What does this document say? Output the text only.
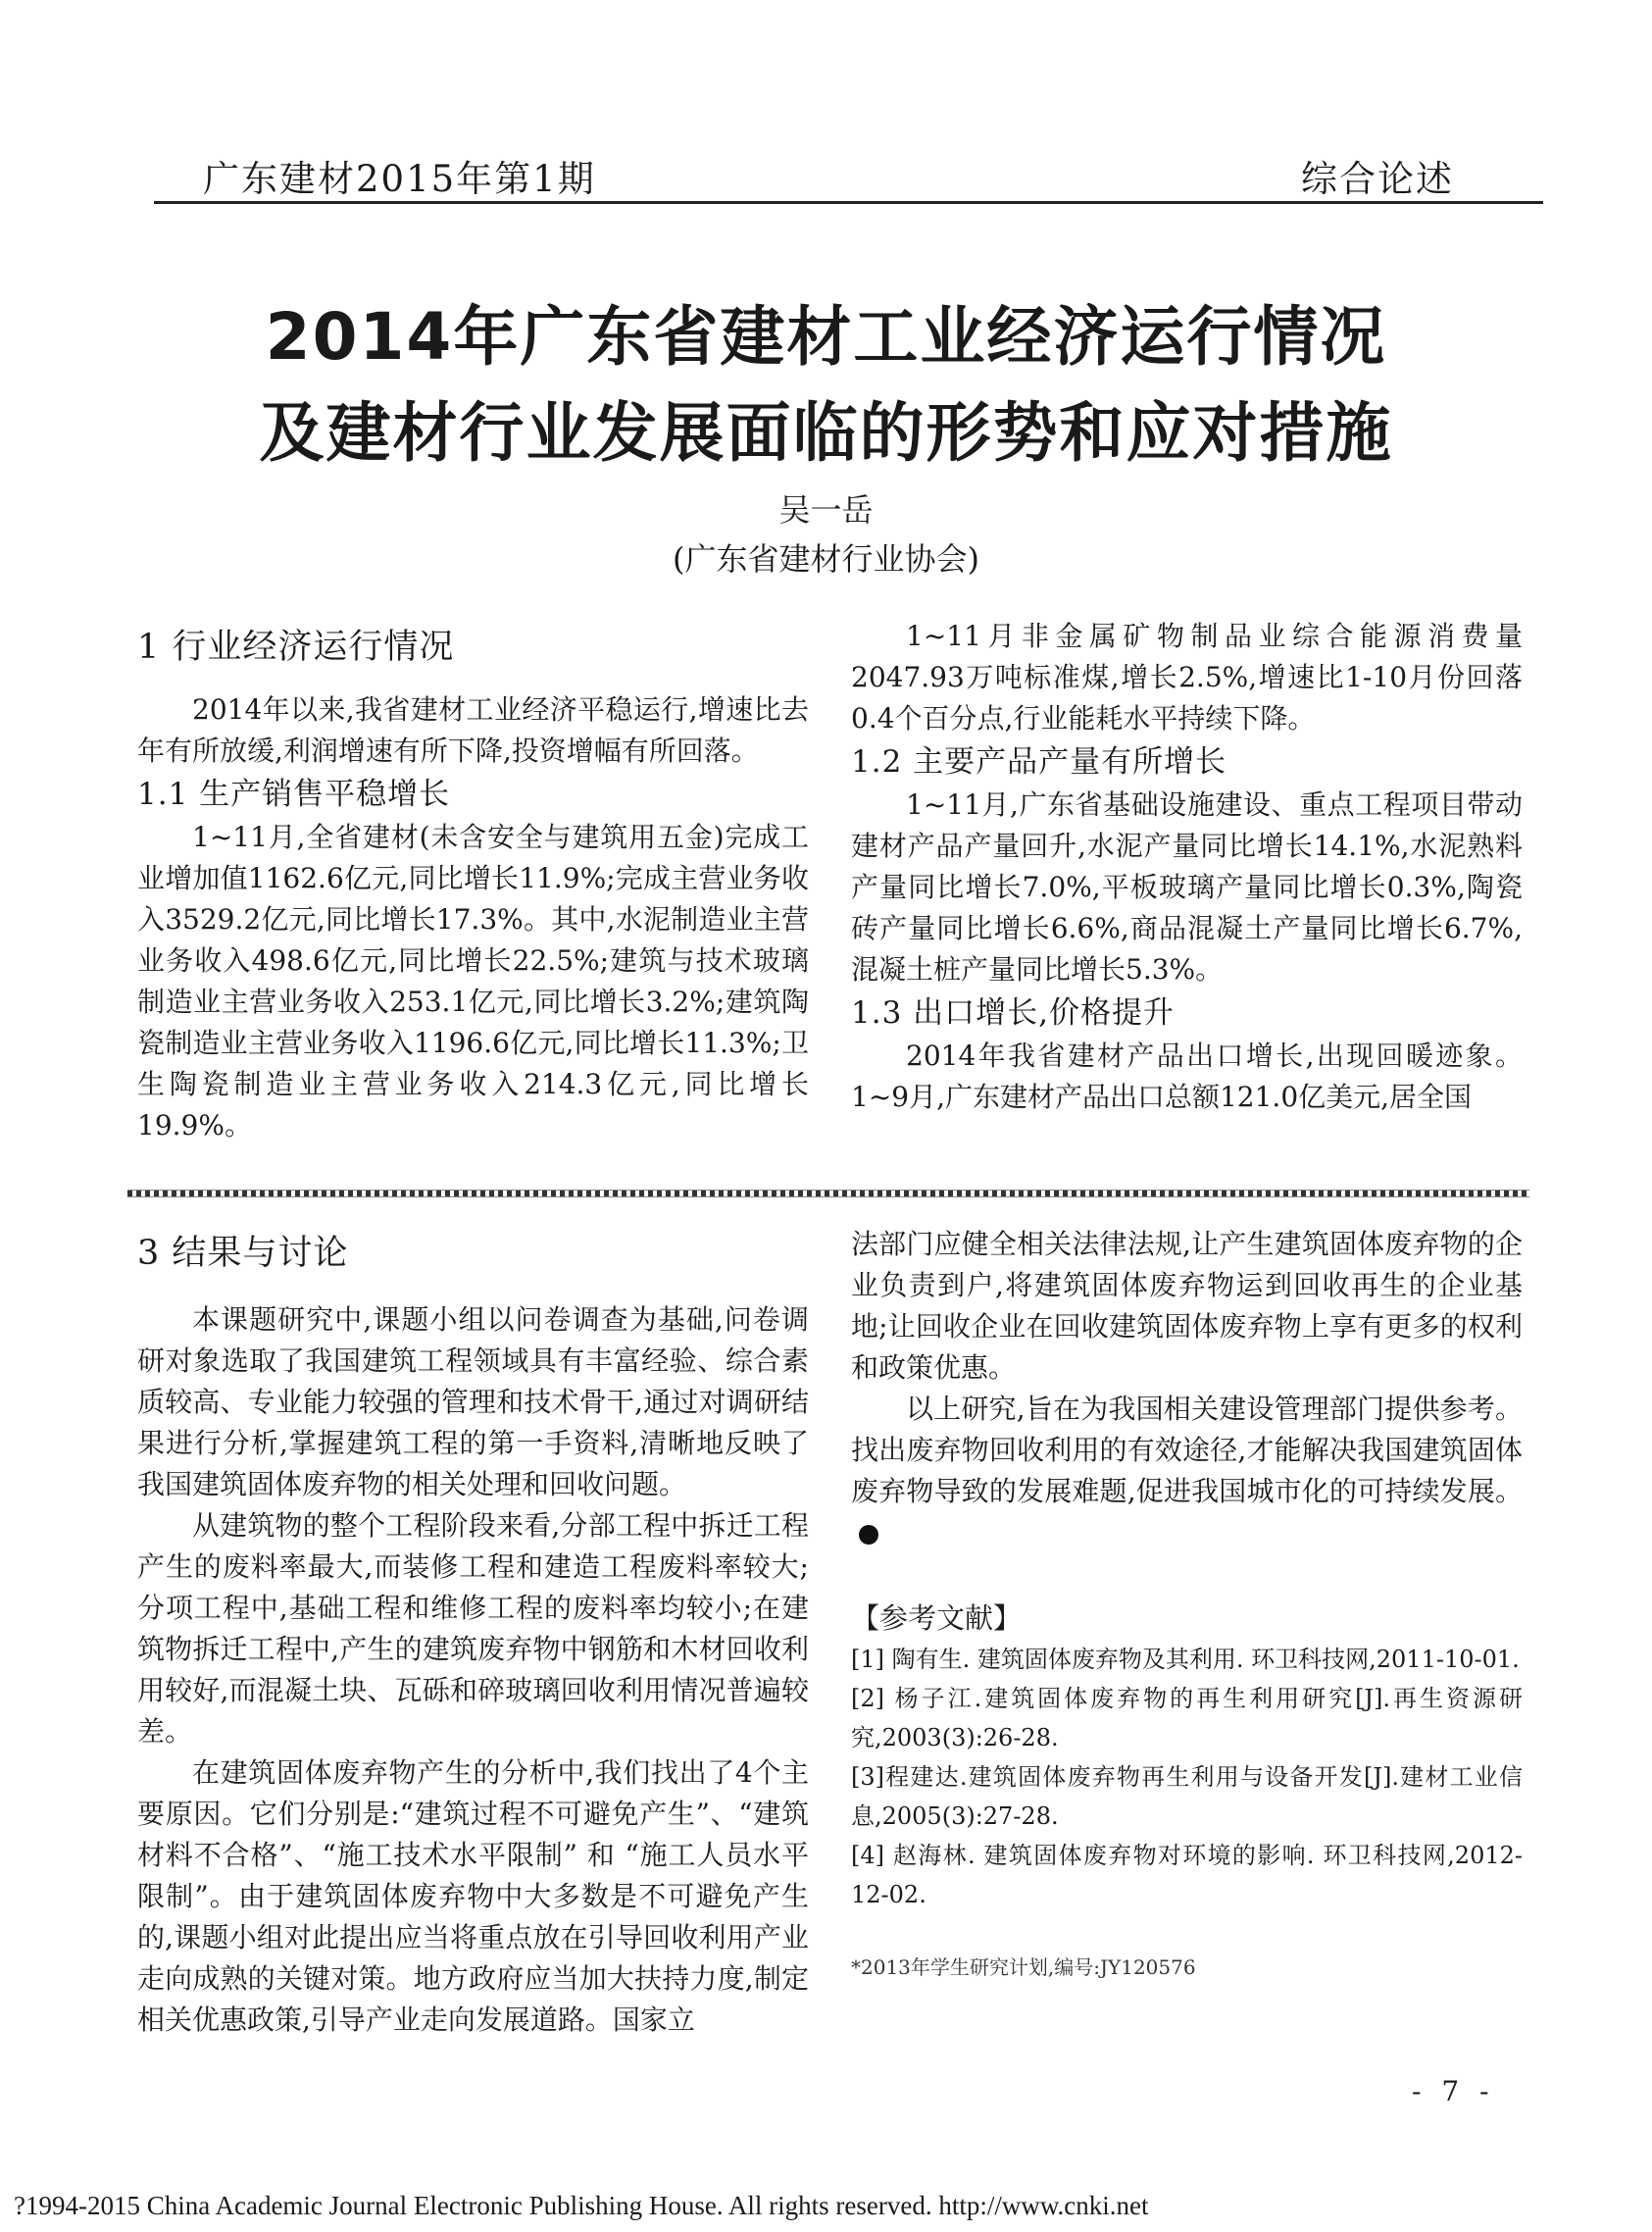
广东建材2015年第1期	综合论述
2014年广东省建材工业经济运行情况
及建材行业发展面临的形势和应对措施
吴一岳
(广东省建材行业协会)
1 行业经济运行情况

2014年以来,我省建材工业经济平稳运行,增速比去年有所放缓,利润增速有所下降,投资增幅有所回落。

1.1 生产销售平稳增长

1~11月,全省建材(未含安全与建筑用五金)完成工业增加值1162.6亿元,同比增长11.9%;完成主营业务收入3529.2亿元,同比增长17.3%。其中,水泥制造业主营业务收入498.6亿元,同比增长22.5%;建筑与技术玻璃制造业主营业务收入253.1亿元,同比增长3.2%;建筑陶瓷制造业主营业务收入1196.6亿元,同比增长11.3%;卫生陶瓷制造业主营业务收入214.3亿元,同比增长19.9%。

1~11月非金属矿物制品业综合能源消费量2047.93万吨标准煤,增长2.5%,增速比1-10月份回落0.4个百分点,行业能耗水平持续下降。

1.2 主要产品产量有所增长

1~11月,广东省基础设施建设、重点工程项目带动建材产品产量回升,水泥产量同比增长14.1%,水泥熟料产量同比增长7.0%,平板玻璃产量同比增长0.3%,陶瓷砖产量同比增长6.6%,商品混凝土产量同比增长6.7%,混凝土桩产量同比增长5.3%。

1.3 出口增长,价格提升

2014年我省建材产品出口增长,出现回暖迹象。1~9月,广东建材产品出口总额121.0亿美元,居全国

3 结果与讨论

本课题研究中,课题小组以问卷调查为基础,问卷调研对象选取了我国建筑工程领域具有丰富经验、综合素质较高、专业能力较强的管理和技术骨干,通过对调研结果进行分析,掌握建筑工程的第一手资料,清晰地反映了我国建筑固体废弃物的相关处理和回收问题。

从建筑物的整个工程阶段来看,分部工程中拆迁工程产生的废料率最大,而装修工程和建造工程废料率较大;分项工程中,基础工程和维修工程的废料率均较小;在建筑物拆迁工程中,产生的建筑废弃物中钢筋和木材回收利用较好,而混凝土块、瓦砾和碎玻璃回收利用情况普遍较差。

在建筑固体废弃物产生的分析中,我们找出了4个主要原因。它们分别是:“建筑过程不可避免产生”、“建筑材料不合格”、“施工技术水平限制” 和 “施工人员水平限制”。由于建筑固体废弃物中大多数是不可避免产生的,课题小组对此提出应当将重点放在引导回收利用产业走向成熟的关键对策。地方政府应当加大扶持力度,制定相关优惠政策,引导产业走向发展道路。国家立

法部门应健全相关法律法规,让产生建筑固体废弃物的企业负责到户,将建筑固体废弃物运到回收再生的企业基地;让回收企业在回收建筑固体废弃物上享有更多的权利和政策优惠。

以上研究,旨在为我国相关建设管理部门提供参考。找出废弃物回收利用的有效途径,才能解决我国建筑固体废弃物导致的发展难题,促进我国城市化的可持续发展。

【参考文献】

[1] 陶有生. 建筑固体废弃物及其利用. 环卫科技网,2011-10-01.

[2] 杨子江.建筑固体废弃物的再生利用研究[J].再生资源研究,2003(3):26-28.

[3]程建达.建筑固体废弃物再生利用与设备开发[J].建材工业信息,2005(3):27-28.

[4] 赵海林. 建筑固体废弃物对环境的影响. 环卫科技网,2012-12-02.

*2013年学生研究计划,编号:JY120576
- 7 -
?1994-2015 China Academic Journal Electronic Publishing House. All rights reserved. http://www.cnki.net
